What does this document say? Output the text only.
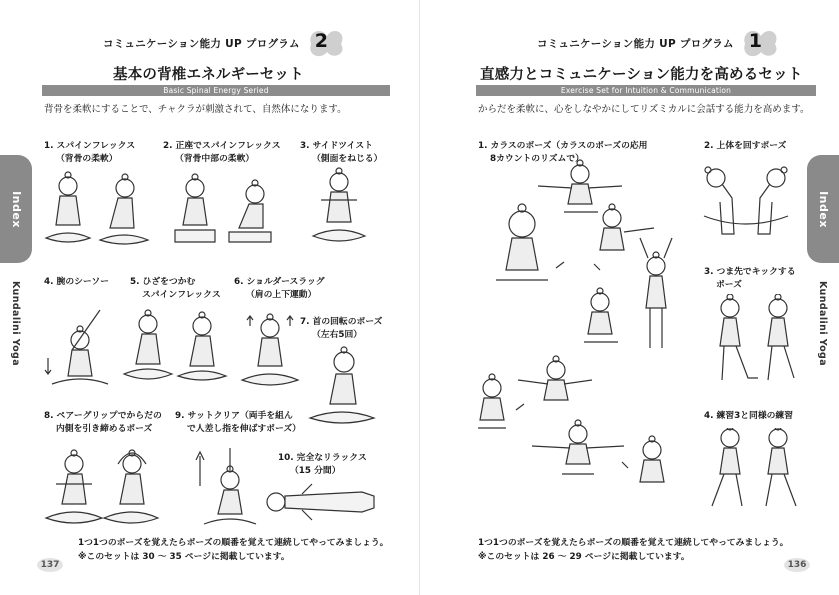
コミュニケーション能力 UP プログラム 2
基本の背椎エネルギーセット
Basic Spinal Energy Seried
背骨を柔軟にすることで、チャクラが刺激されて、自然体になります。
1. スパインフレックス
（背骨の柔軟）
2. 正座でスパインフレックス
（背骨中部の柔軟）
3. サイドツイスト
（側面をねじる）
4. 腕のシーソー 5. ひざをつかむ
スパインフレックス
6. ショルダースラッグ
（肩の上下運動）
7. 首の回転のポーズ
（左右5回）
8. ペアーグリップでからだの
内側を引き締めるポーズ
9. サットクリア（両手を組ん
で人差し指を伸ばすポーズ）
10. 完全なリラックス
（15 分間）
1つ1つのポーズを覚えたらポーズの順番を覚えて連続してやってみましょう。
※このセットは 30 〜 35 ページに掲載しています。
137
Index
Kundalini Yoga
コミュニケーション能力 UP プログラム 1
直感力とコミュニケーション能力を高めるセット
Exercise Set for Intuition & Communication
からだを柔軟に、心をしなやかにしてリズミカルに会話する能力を高めます。
1. カラスのポーズ（カラスのポーズの応用
8カウントのリズムで）
2. 上体を回すポーズ
3. つま先でキックする
ポーズ
4. 練習3と同様の練習
1つ1つのポーズを覚えたらポーズの順番を覚えて連続してやってみましょう。
※このセットは 26 〜 29 ページに掲載しています。
136
Index
Kundalini Yoga
